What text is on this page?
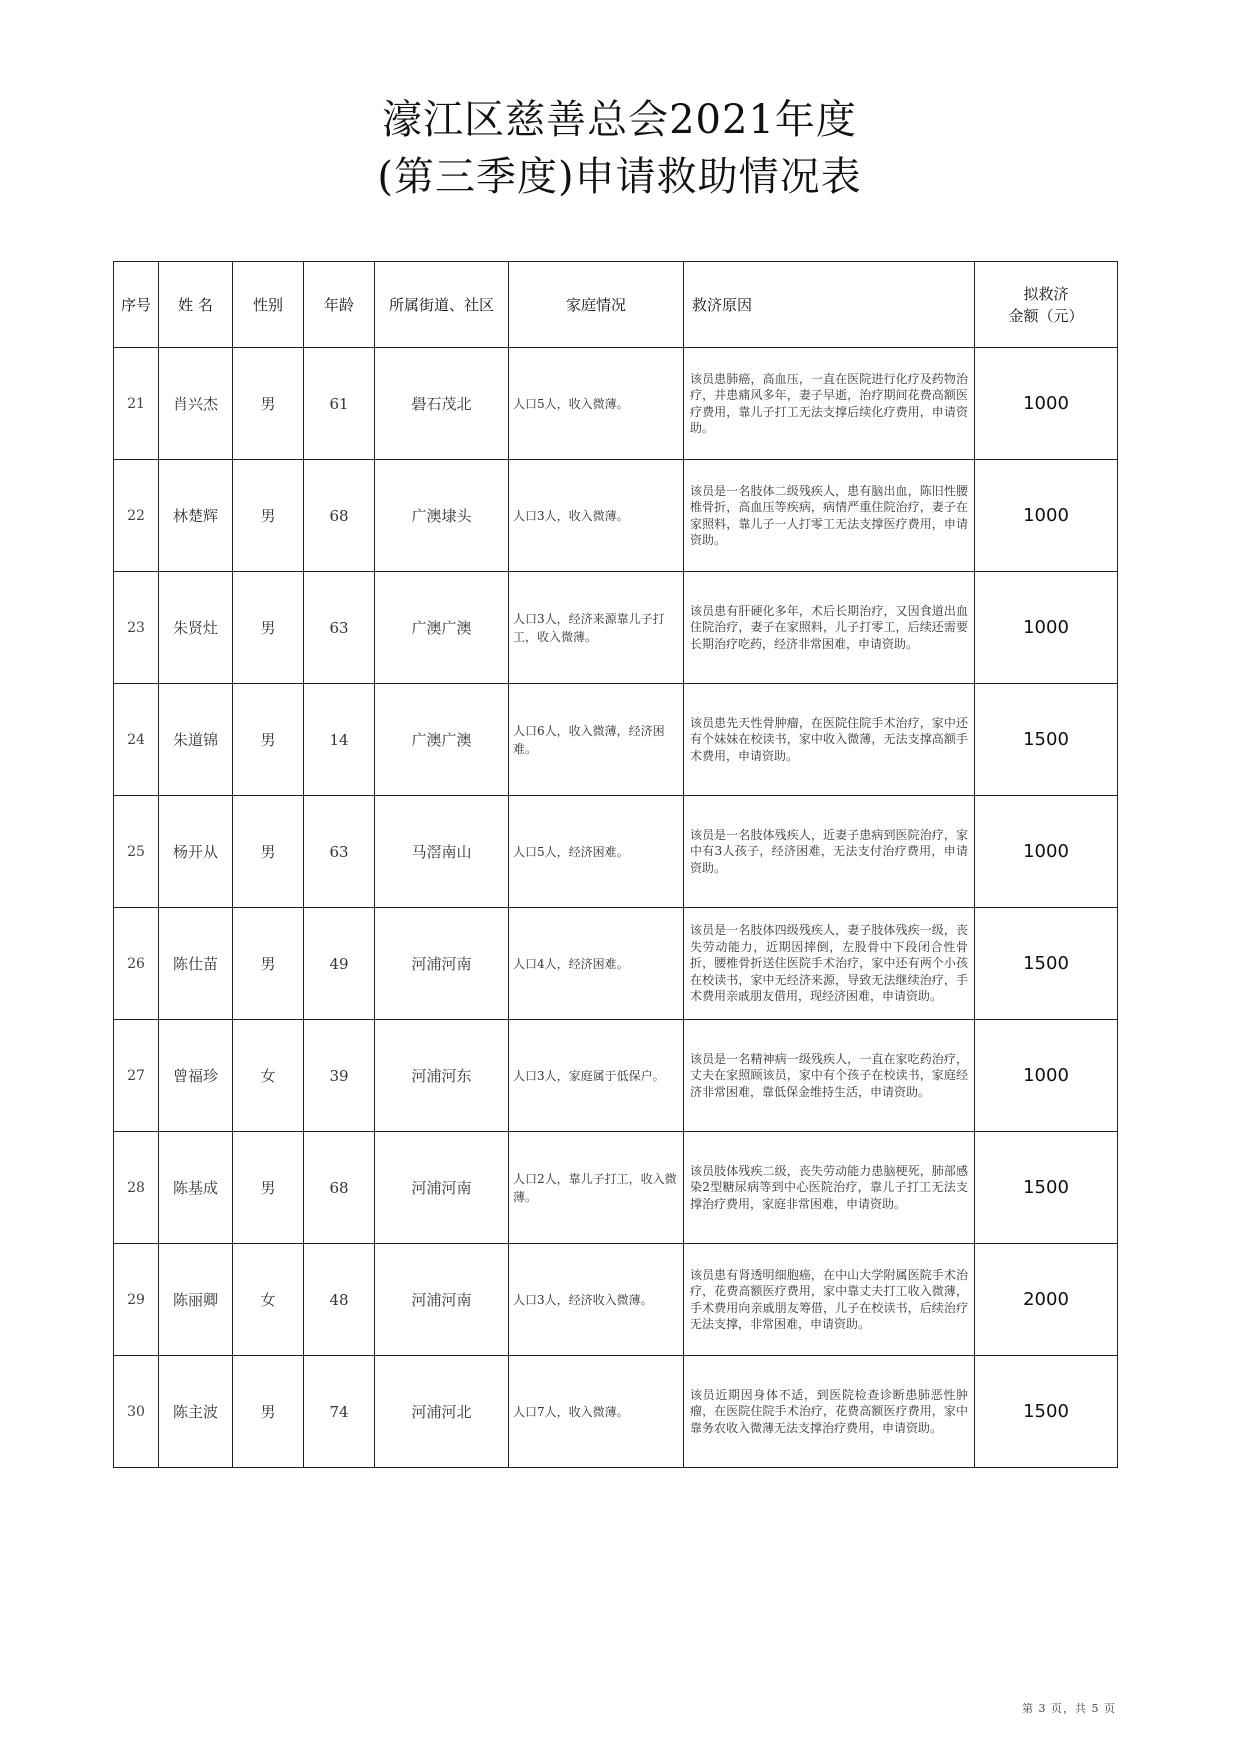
濠江区慈善总会2021年度
(第三季度)申请救助情况表
序号	姓 名	性别	年龄	所属街道、社区	家庭情况	救济原因	拟救济
金额（元）

21	肖兴杰	男	61	礐石茂北	人口5人，收入微薄。	该员患肺癌，高血压，一直在医院进行化疗及药物治疗，并患痛风多年，妻子早逝，治疗期间花费高额医疗费用，靠儿子打工无法支撑后续化疗费用，申请资助。	1000
22	林楚辉	男	68	广澳埭头	人口3人，收入微薄。	该员是一名肢体二级残疾人，患有脑出血，陈旧性腰椎骨折，高血压等疾病，病情严重住院治疗，妻子在家照料，靠儿子一人打零工无法支撑医疗费用，申请资助。	1000
23	朱贤灶	男	63	广澳广澳	人口3人，经济来源靠儿子打工，收入微薄。	该员患有肝硬化多年，术后长期治疗，又因食道出血住院治疗，妻子在家照料，儿子打零工，后续还需要长期治疗吃药，经济非常困难，申请资助。	1000
24	朱道锦	男	14	广澳广澳	人口6人，收入微薄，经济困难。	该员患先天性骨肿瘤，在医院住院手术治疗，家中还有个妹妹在校读书，家中收入微薄，无法支撑高额手术费用，申请资助。	1500
25	杨开从	男	63	马滘南山	人口5人，经济困难。	该员是一名肢体残疾人，近妻子患病到医院治疗，家中有3人孩子，经济困难，无法支付治疗费用，申请资助。	1000
26	陈仕苗	男	49	河浦河南	人口4人，经济困难。	该员是一名肢体四级残疾人，妻子肢体残疾一级，丧失劳动能力，近期因摔倒，左股骨中下段闭合性骨折，腰椎骨折送住医院手术治疗，家中还有两个小孩在校读书，家中无经济来源，导致无法继续治疗，手术费用亲戚朋友借用，现经济困难，申请资助。	1500
27	曾福珍	女	39	河浦河东	人口3人，家庭属于低保户。	该员是一名精神病一级残疾人，一直在家吃药治疗，丈夫在家照顾该员，家中有个孩子在校读书，家庭经济非常困难，靠低保金维持生活，申请资助。	1000
28	陈基成	男	68	河浦河南	人口2人，靠儿子打工，收入微薄。	该员肢体残疾二级，丧失劳动能力患脑梗死，肺部感染2型糖尿病等到中心医院治疗，靠儿子打工无法支撑治疗费用，家庭非常困难，申请资助。	1500
29	陈丽卿	女	48	河浦河南	人口3人，经济收入微薄。	该员患有肾透明细胞癌，在中山大学附属医院手术治疗，花费高额医疗费用，家中靠丈夫打工收入微薄，手术费用向亲戚朋友筹借，儿子在校读书，后续治疗无法支撑，非常困难，申请资助。	2000
30	陈主波	男	74	河浦河北	人口7人，收入微薄。	该员近期因身体不适，到医院检查诊断患肺恶性肿瘤，在医院住院手术治疗，花费高额医疗费用，家中靠务农收入微薄无法支撑治疗费用，申请资助。	1500
第 3 页，共 5 页
